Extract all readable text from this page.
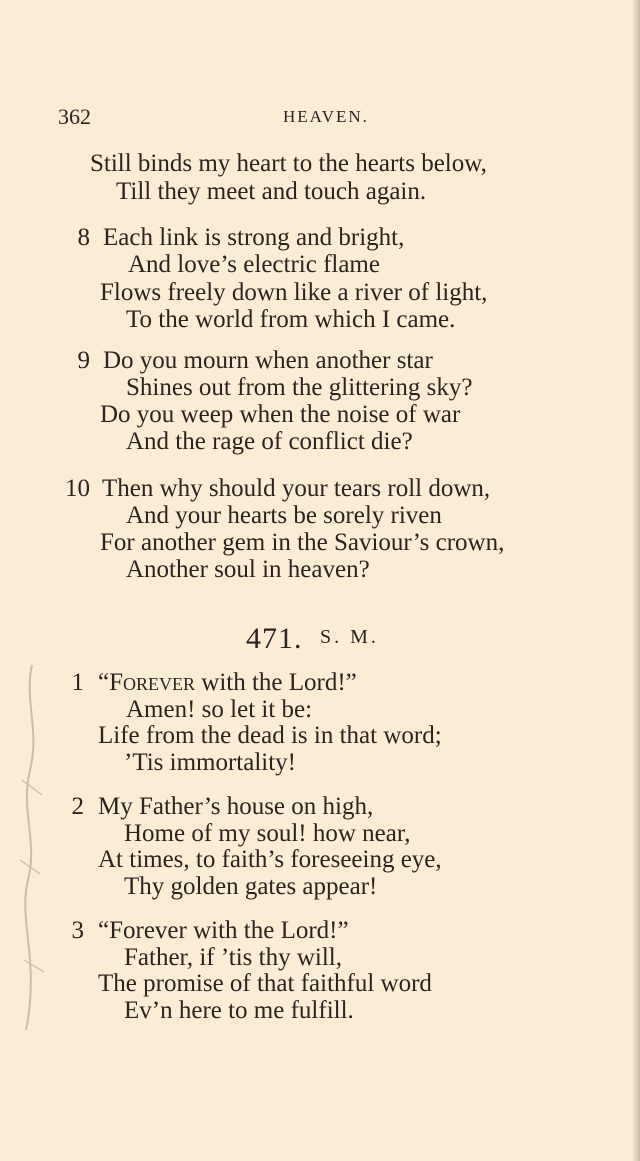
362	HEAVEN.
Still binds my heart to the hearts below,
Till they meet and touch again.
8 Each link is strong and bright,
And love’s electric flame
Flows freely down like a river of light,
To the world from which I came.
9 Do you mourn when another star
Shines out from the glittering sky?
Do you weep when the noise of war
And the rage of conflict die?
10 Then why should your tears roll down,
And your hearts be sorely riven
For another gem in the Saviour’s crown,
Another soul in heaven?
471. S. M.
1 “Forever with the Lord!”
Amen! so let it be:
Life from the dead is in that word;
’Tis immortality!
2 My Father’s house on high,
Home of my soul! how near,
At times, to faith’s foreseeing eye,
Thy golden gates appear!
3 “Forever with the Lord!”
Father, if ’tis thy will,
The promise of that faithful word
Ev’n here to me fulfill.
